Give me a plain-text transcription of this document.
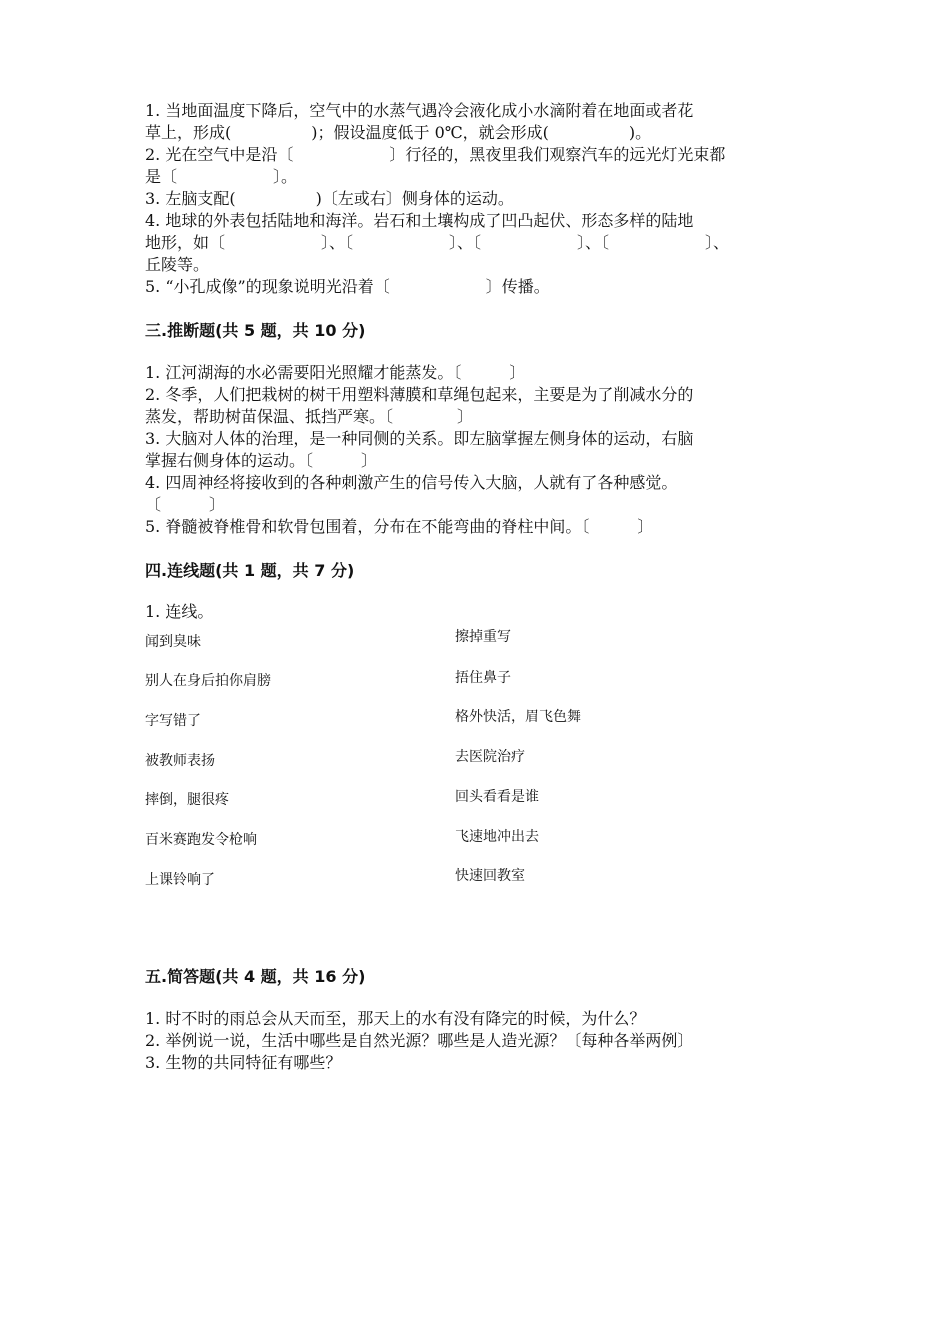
1. 当地面温度下降后，空气中的水蒸气遇冷会液化成小水滴附着在地面或者花

草上，形成(　　　　　)；假设温度低于 0℃，就会形成(　　　　　)。

2. 光在空气中是沿〔　　　　　　〕行径的，黑夜里我们观察汽车的远光灯光束都

是〔　　　　　　〕。

3. 左脑支配(　　　　　)〔左或右〕侧身体的运动。

4. 地球的外表包括陆地和海洋。岩石和土壤构成了凹凸起伏、形态多样的陆地

地形，如〔　　　　　　〕、〔　　　　　　〕、〔　　　　　　〕、〔　　　　　　〕、

丘陵等。

5. “小孔成像”的现象说明光沿着〔　　　　　　〕传播。

三.推断题(共 5 题，共 10 分)

1. 江河湖海的水必需要阳光照耀才能蒸发。〔　　　〕

2. 冬季，人们把栽树的树干用塑料薄膜和草绳包起来，主要是为了削减水分的

蒸发，帮助树苗保温、抵挡严寒。〔　　　　〕

3. 大脑对人体的治理，是一种同侧的关系。即左脑掌握左侧身体的运动，右脑

掌握右侧身体的运动。〔　　　〕

4. 四周神经将接收到的各种刺激产生的信号传入大脑，人就有了各种感觉。

〔　　　〕

5. 脊髓被脊椎骨和软骨包围着，分布在不能弯曲的脊柱中间。〔　　　〕

四.连线题(共 1 题，共 7 分)

1. 连线。

闻到臭味

别人在身后拍你肩膀

字写错了

被教师表扬

摔倒，腿很疼

百米赛跑发令枪响

上课铃响了

擦掉重写

捂住鼻子

格外快活，眉飞色舞

去医院治疗

回头看看是谁

飞速地冲出去

快速回教室

五.简答题(共 4 题，共 16 分)

1. 时不时的雨总会从天而至，那天上的水有没有降完的时候，为什么？

2. 举例说一说，生活中哪些是自然光源？哪些是人造光源？〔每种各举两例〕

3. 生物的共同特征有哪些？
